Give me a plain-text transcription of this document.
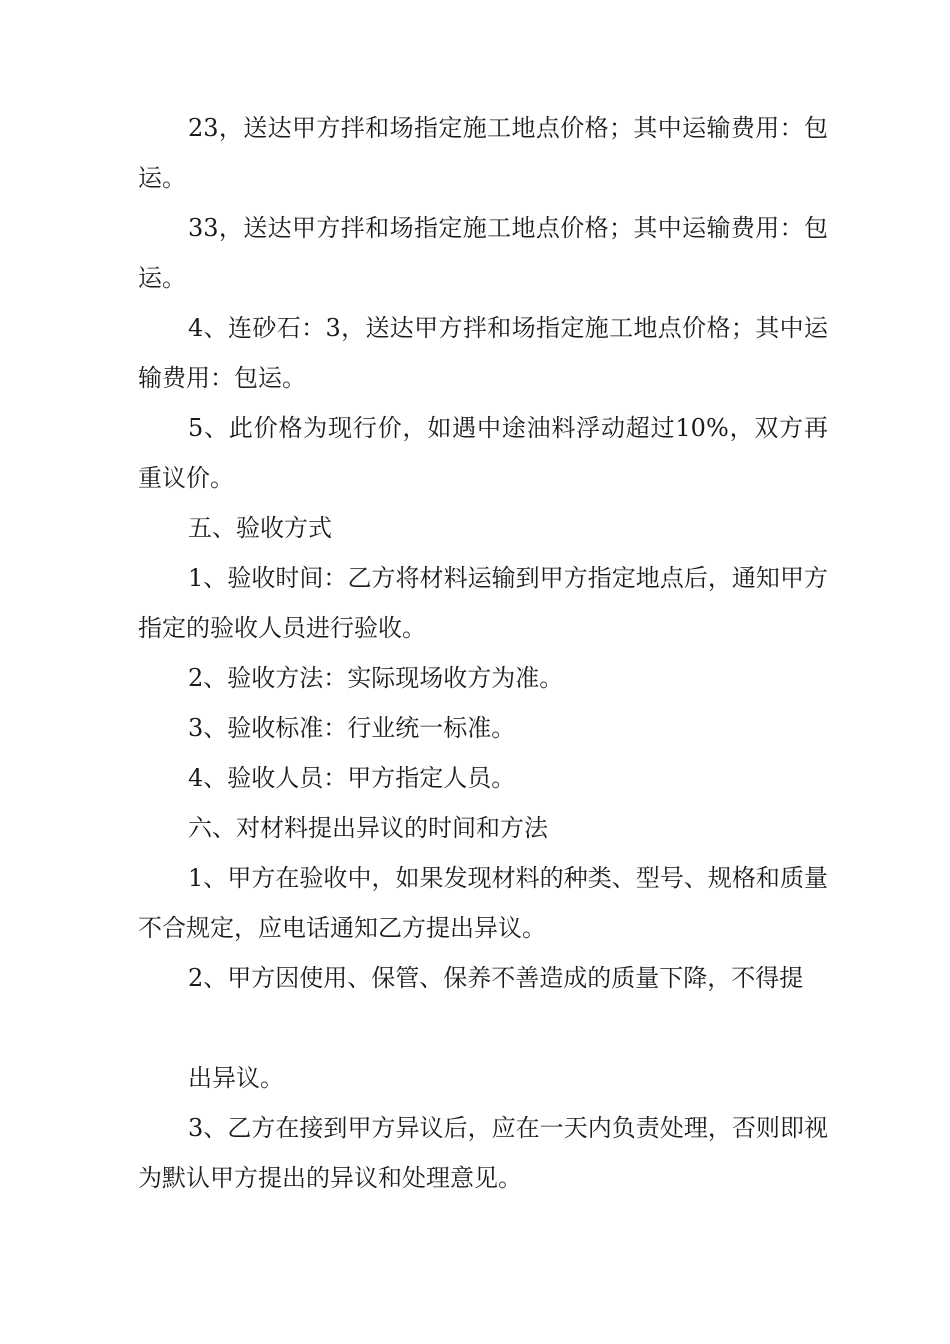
23，送达甲方拌和场指定施工地点价格；其中运输费用：包运。

33，送达甲方拌和场指定施工地点价格；其中运输费用：包运。

4、连砂石：3，送达甲方拌和场指定施工地点价格；其中运输费用：包运。

5、此价格为现行价，如遇中途油料浮动超过10%，双方再重议价。

五、验收方式

1、验收时间：乙方将材料运输到甲方指定地点后，通知甲方指定的验收人员进行验收。

2、验收方法：实际现场收方为准。

3、验收标准：行业统一标准。

4、验收人员：甲方指定人员。

六、对材料提出异议的时间和方法

1、甲方在验收中，如果发现材料的种类、型号、规格和质量不合规定，应电话通知乙方提出异议。

2、甲方因使用、保管、保养不善造成的质量下降，不得提

出异议。

3、乙方在接到甲方异议后，应在一天内负责处理，否则即视为默认甲方提出的异议和处理意见。
